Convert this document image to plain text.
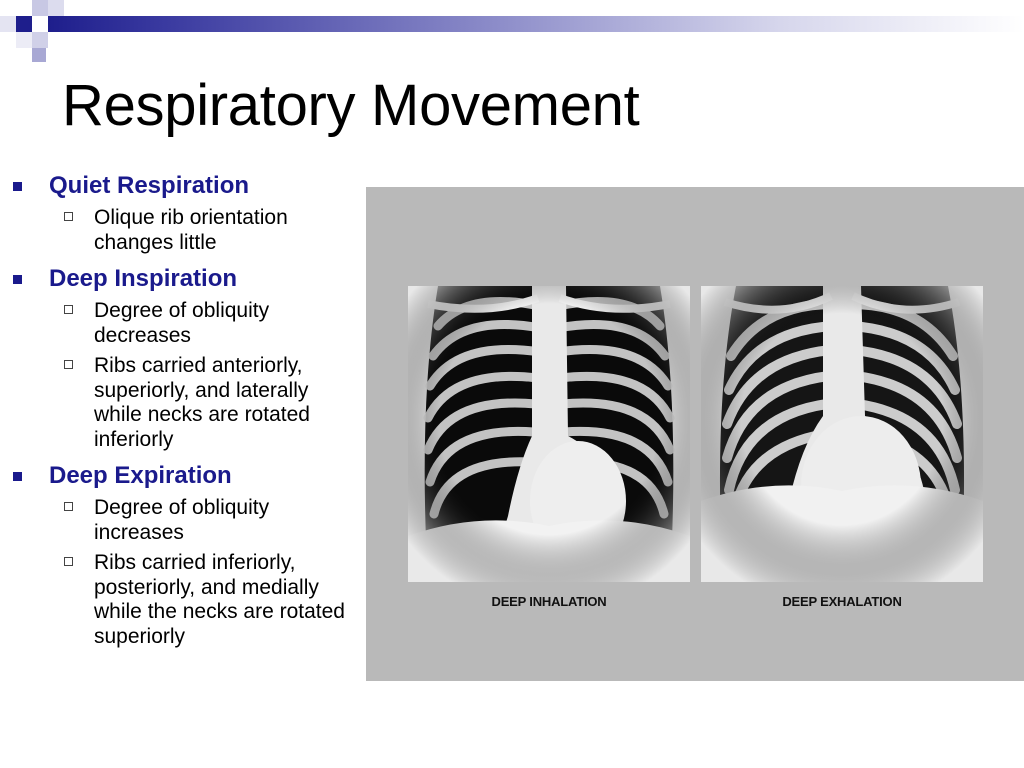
Respiratory Movement
Quiet Respiration
Olique rib orientation changes little
Deep Inspiration
Degree of obliquity decreases
Ribs carried anteriorly, superiorly, and laterally while necks are rotated inferiorly
Deep Expiration
Degree of obliquity increases
Ribs carried inferiorly, posteriorly, and medially while the necks are rotated superiorly
DEEP INHALATION	DEEP EXHALATION
